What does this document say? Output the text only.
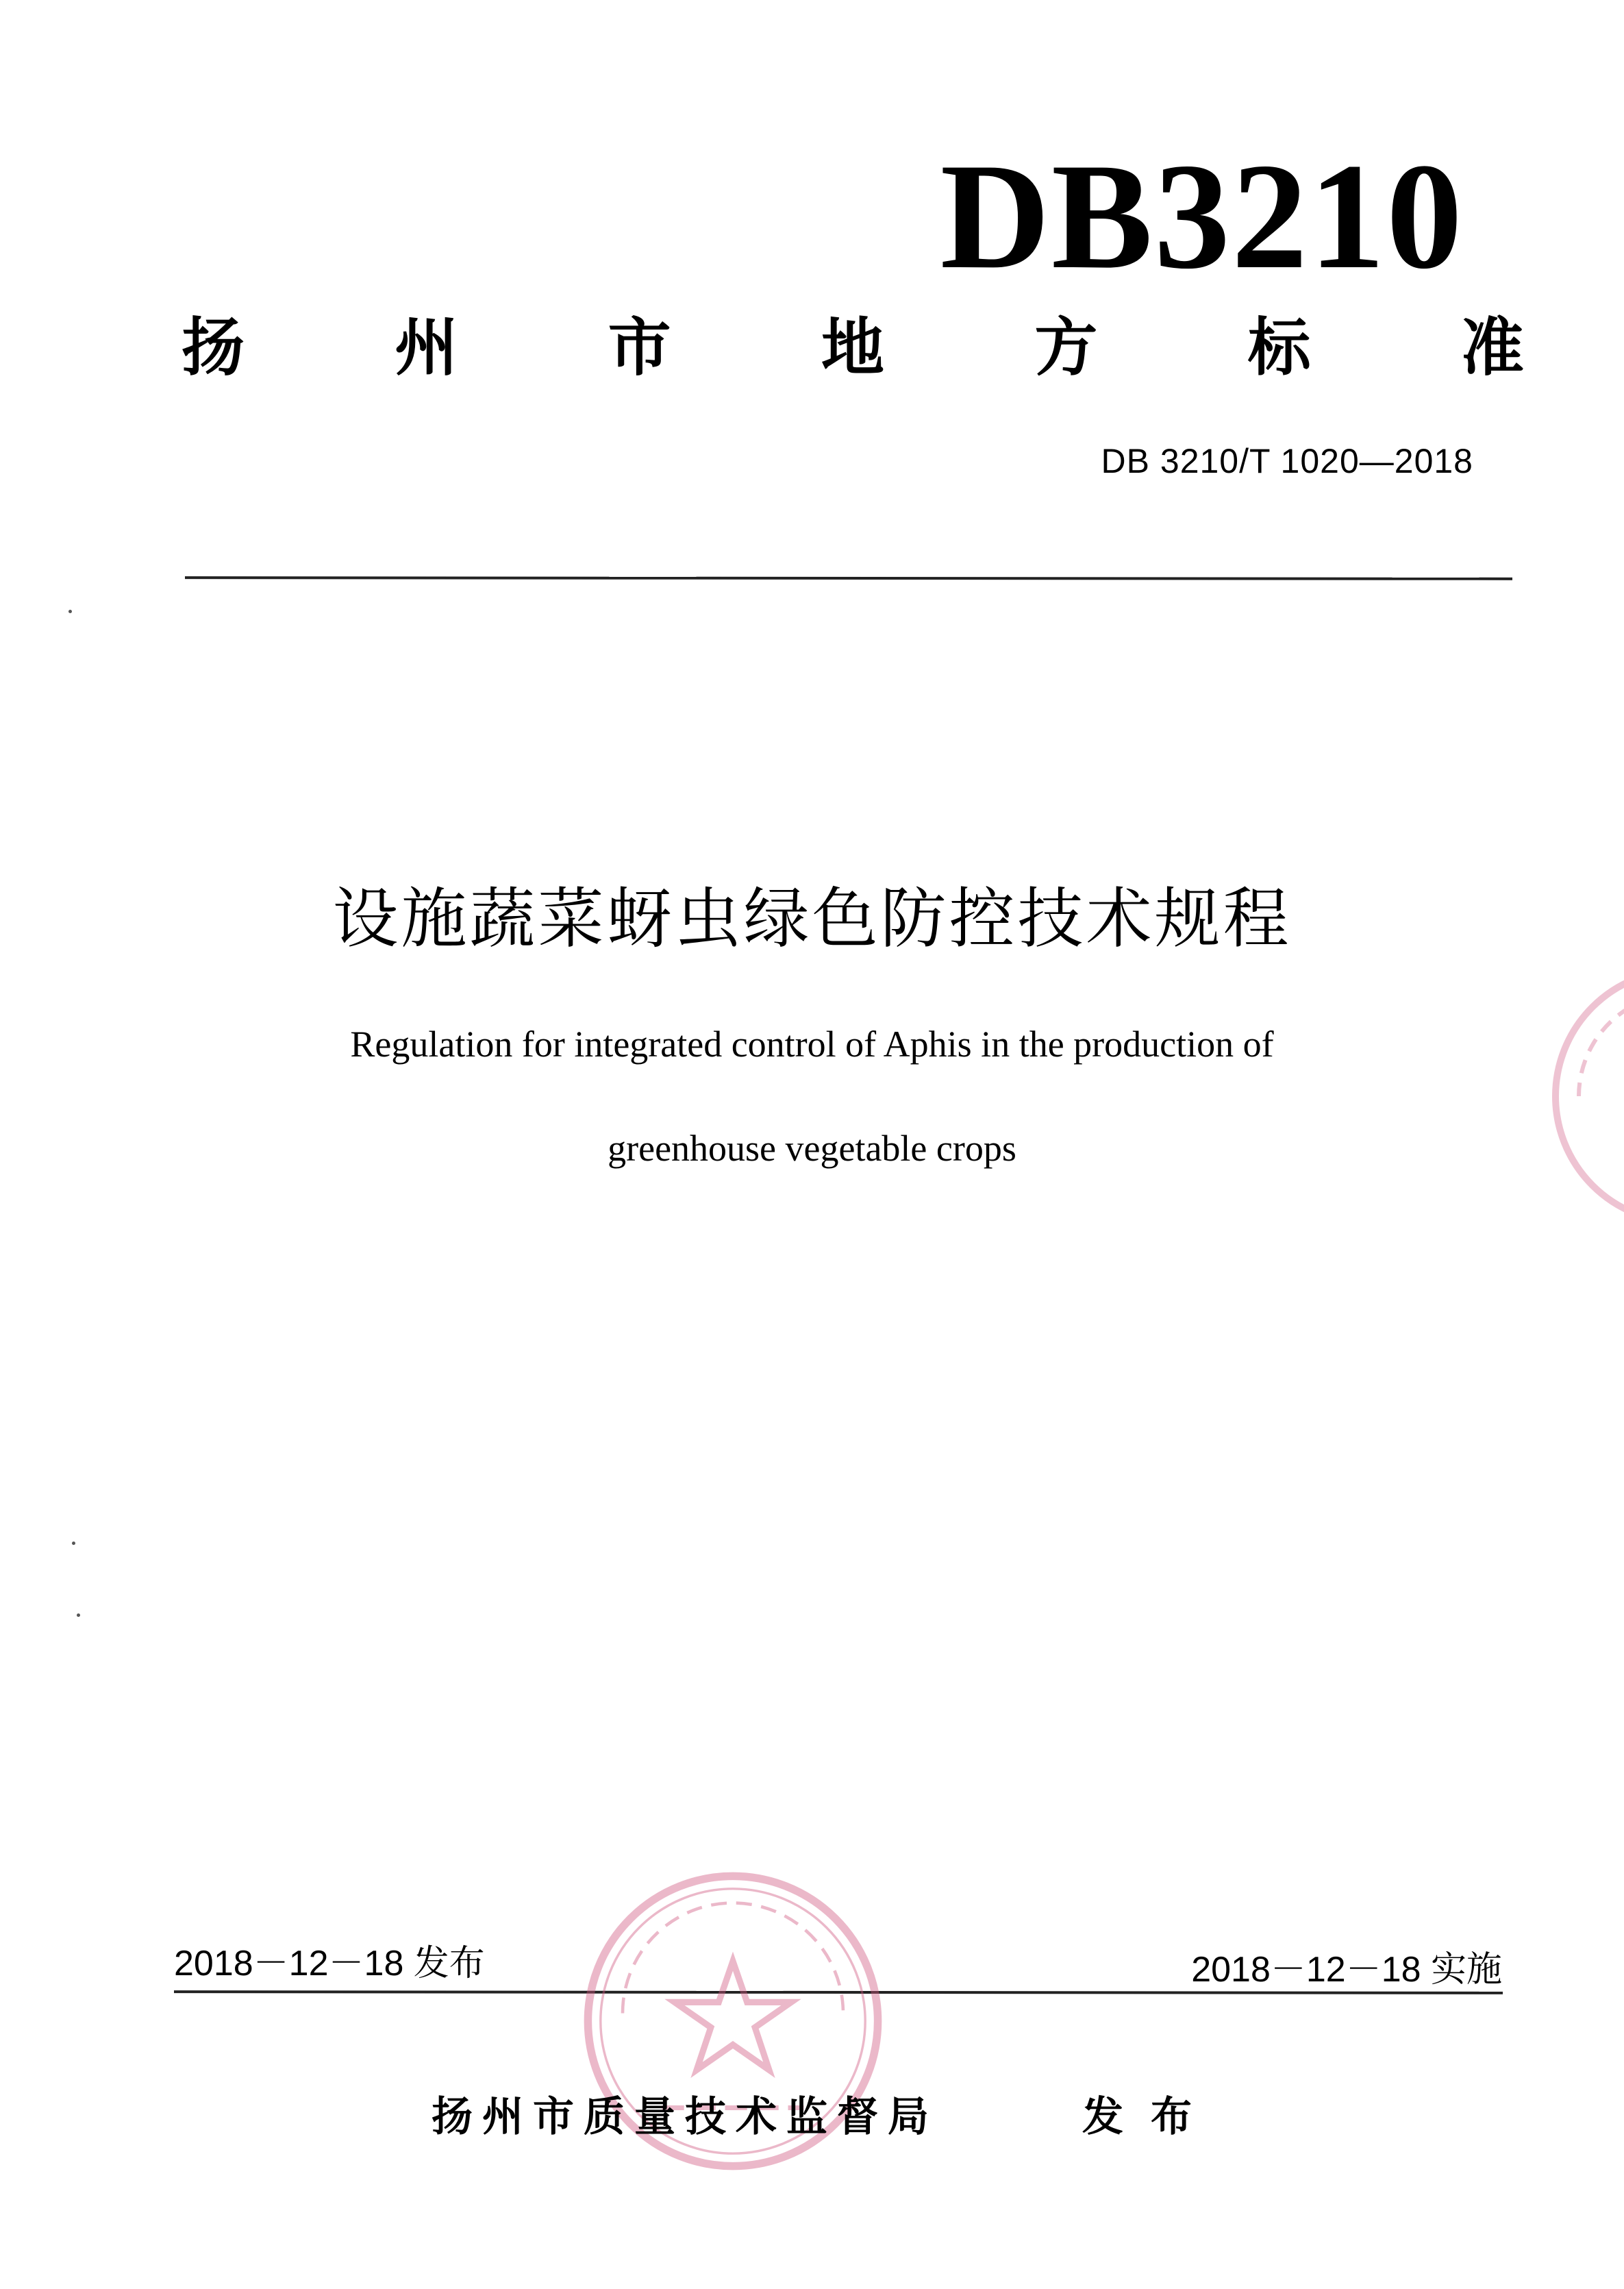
DB3210
扬 州 市 地 方 标 准
DB 3210/T 1020—2018
设施蔬菜蚜虫绿色防控技术规程
Regulation for integrated control of Aphis in the production of
greenhouse vegetable crops
2018－12－18 发布	2018－12－18 实施
扬州市质量技术监督局	发布
